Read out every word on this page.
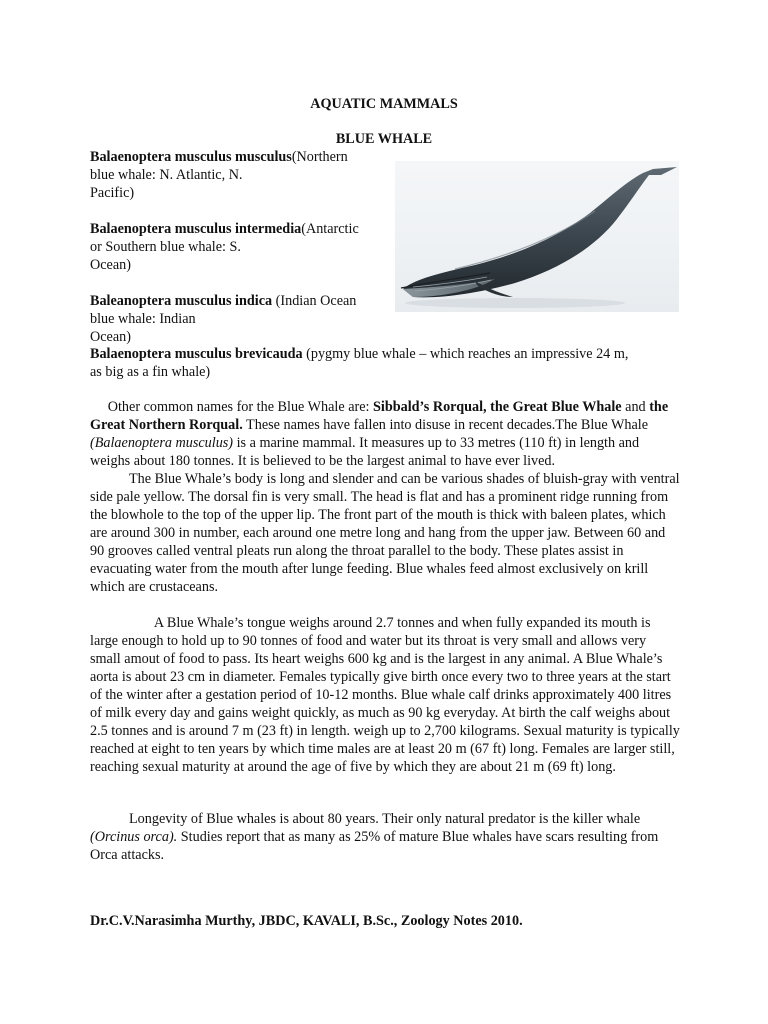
AQUATIC MAMMALS
BLUE WHALE

Balaenoptera musculus musculus(Northern
blue whale: N. Atlantic, N.
Pacific)

Balaenoptera musculus intermedia(Antarctic
or Southern blue whale: S.
Ocean)

Baleanoptera musculus indica (Indian Ocean
blue whale: Indian
Ocean)

Balaenoptera musculus brevicauda (pygmy blue whale – which reaches an impressive 24 m,
as big as a fin whale)

Other common names for the Blue Whale are: Sibbald’s Rorqual, the Great Blue Whale and the Great Northern Rorqual. These names have fallen into disuse in recent decades.The Blue Whale (Balaenoptera musculus) is a marine mammal. It measures up to 33 metres (110 ft) in length and weighs about 180 tonnes. It is believed to be the largest animal to have ever lived.
The Blue Whale’s body is long and slender and can be various shades of bluish-gray with ventral side pale yellow. The dorsal fin is very small. The head is flat and has a prominent ridge running from the blowhole to the top of the upper lip. The front part of the mouth is thick with baleen plates, which are around 300 in number, each around one metre long and hang from the upper jaw. Between 60 and 90 grooves called ventral pleats run along the throat parallel to the body. These plates assist in evacuating water from the mouth after lunge feeding. Blue whales feed almost exclusively on krill which are crustaceans.

A Blue Whale’s tongue weighs around 2.7 tonnes and when fully expanded its mouth is large enough to hold up to 90 tonnes of food and water but its throat is very small and allows very small amout of food to pass. Its heart weighs 600 kg and is the largest in any animal. A Blue Whale’s aorta is about 23 cm in diameter. Females typically give birth once every two to three years at the start of the winter after a gestation period of 10-12 months. Blue whale calf drinks approximately 400 litres of milk every day and gains weight quickly, as much as 90 kg everyday. At birth the calf weighs about 2.5 tonnes and is around 7 m (23 ft) in length. weigh up to 2,700 kilograms. Sexual maturity is typically reached at eight to ten years by which time males are at least 20 m (67 ft) long. Females are larger still, reaching sexual maturity at around the age of five by which they are about 21 m (69 ft) long.

Longevity of Blue whales is about 80 years. Their only natural predator is the killer whale (Orcinus orca). Studies report that as many as 25% of mature Blue whales have scars resulting from Orca attacks.

Dr.C.V.Narasimha Murthy, JBDC, KAVALI, B.Sc., Zoology Notes 2010.
